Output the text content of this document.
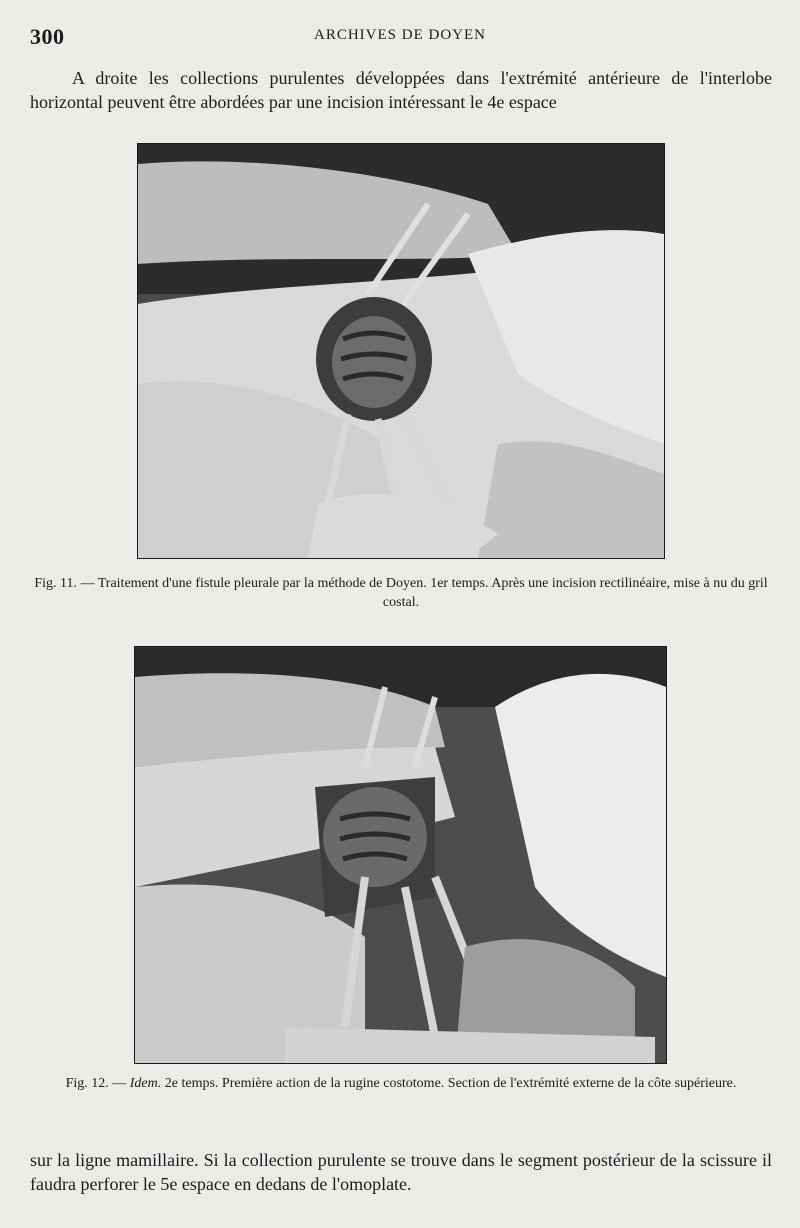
300	ARCHIVES DE DOYEN

A droite les collections purulentes développées dans l'extrémité antérieure de l'interlobe horizontal peuvent être abordées par une incision intéressant le 4e espace

Fig. 11. — Traitement d'une fistule pleurale par la méthode de Doyen. 1er temps. Après une incision rectilinéaire, mise à nu du gril costal.
Fig. 12. — Idem. 2e temps. Première action de la rugine costotome. Section de l'extrémité externe de la côte supérieure.

sur la ligne mamillaire. Si la collection purulente se trouve dans le segment postérieur de la scissure il faudra perforer le 5e espace en dedans de l'omoplate.
